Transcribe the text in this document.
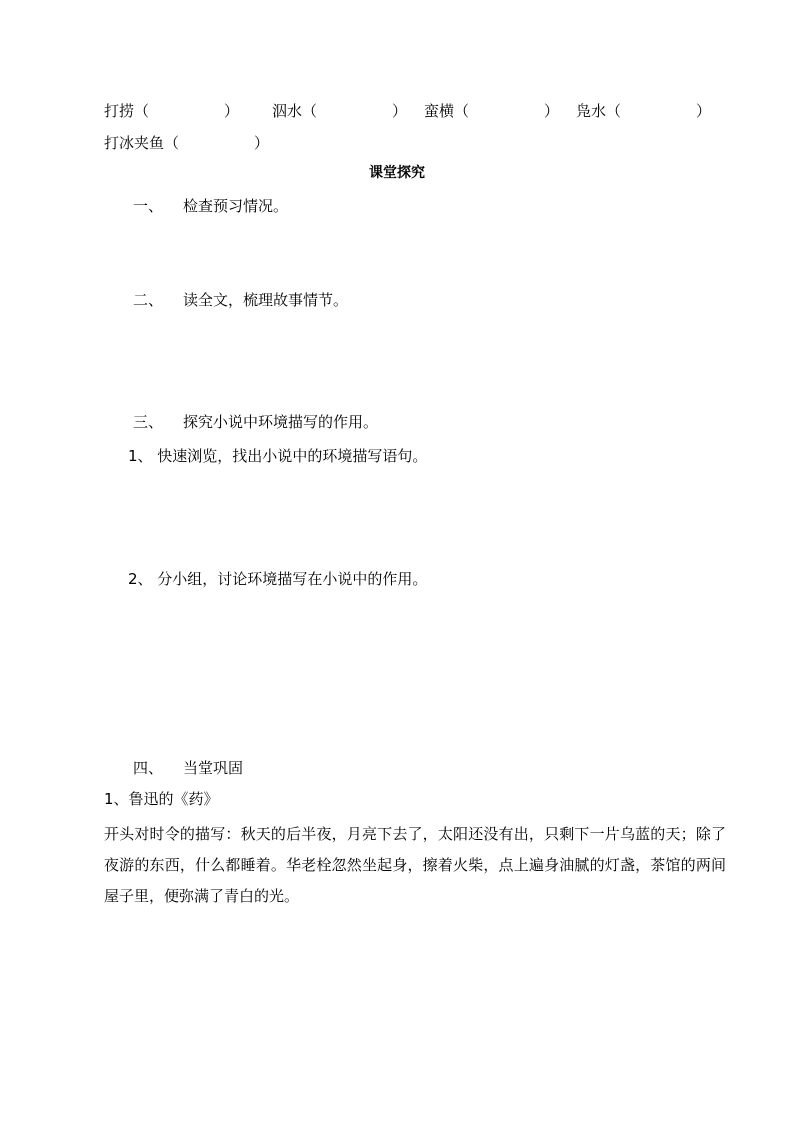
打捞（　　　　　） 泅水（　　　　　） 蛮横（　　　　　） 凫水（　　　　　）
打冰夹鱼（　　　　　）
课堂探究
一、 检查预习情况。
二、 读全文，梳理故事情节。
三、 探究小说中环境描写的作用。
1、 快速浏览，找出小说中的环境描写语句。
2、 分小组，讨论环境描写在小说中的作用。
四、 当堂巩固
1、鲁迅的《药》
开头对时令的描写：秋天的后半夜，月亮下去了，太阳还没有出，只剩下一片乌蓝的天；除了夜游的东西，什么都睡着。华老栓忽然坐起身，擦着火柴，点上遍身油腻的灯盏，茶馆的两间屋子里，便弥满了青白的光。
